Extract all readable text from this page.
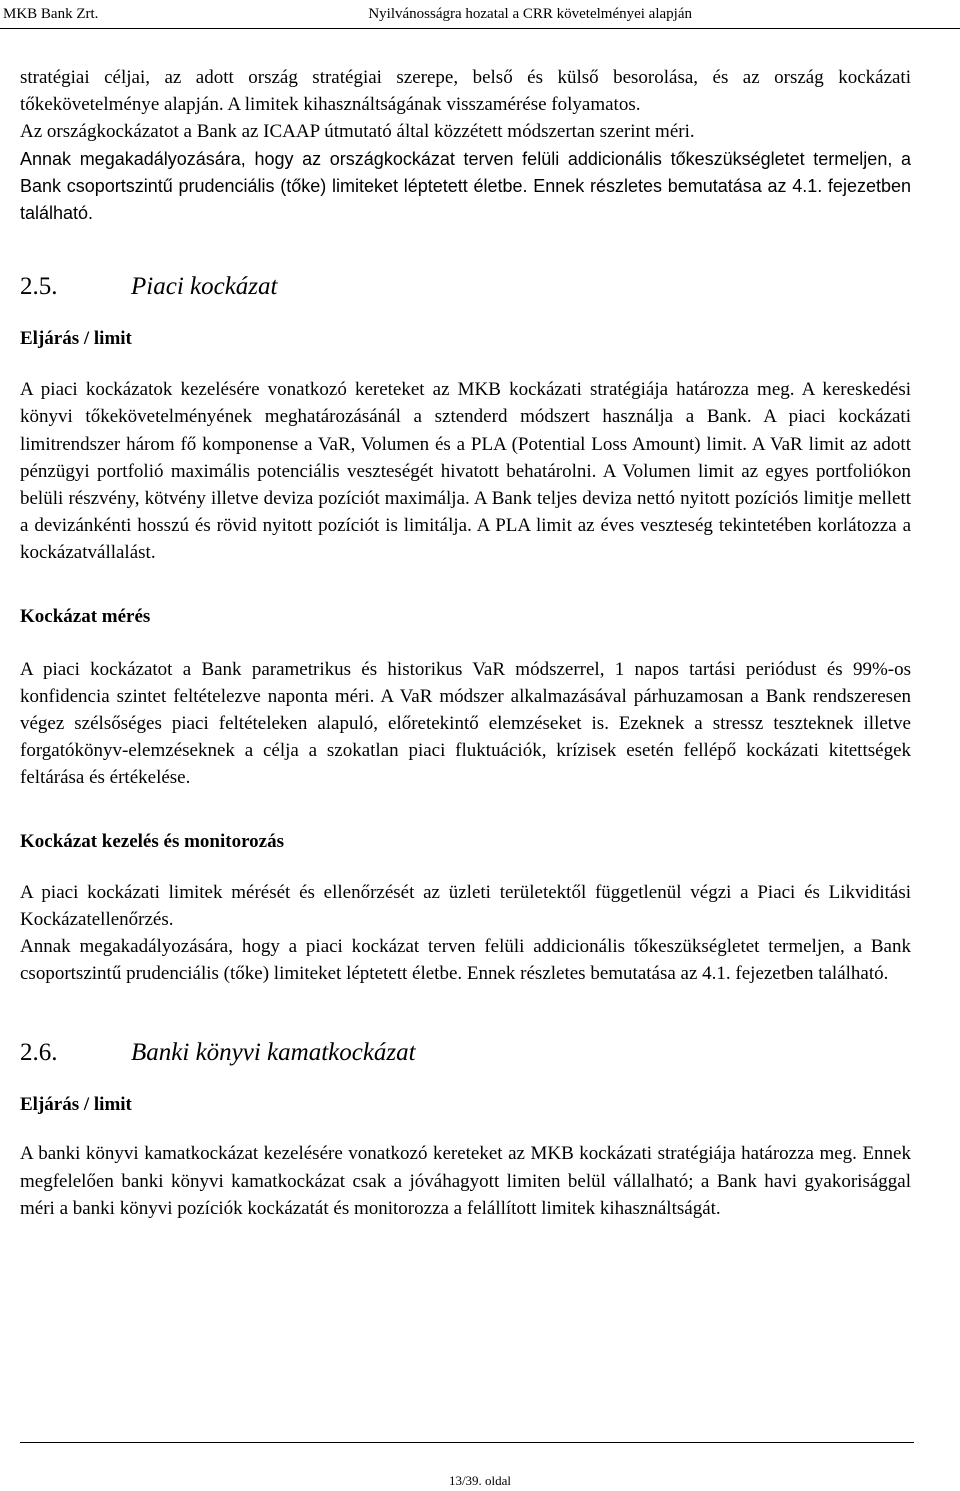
MKB Bank Zrt.	Nyilvánosságra hozatal a CRR követelményei alapján

stratégiai céljai, az adott ország stratégiai szerepe, belső és külső besorolása, és az ország kockázati tőkekövetelménye alapján. A limitek kihasználtságának visszamérése folyamatos.

Az országkockázatot a Bank az ICAAP útmutató által közzétett módszertan szerint méri.

Annak megakadályozására, hogy az országkockázat terven felüli addicionális tőkeszükségletet termeljen, a Bank csoportszintű prudenciális (tőke) limiteket léptetett életbe. Ennek részletes bemutatása az 4.1. fejezetben található.

2.5.	Piaci kockázat
Eljárás / limit

A piaci kockázatok kezelésére vonatkozó kereteket az MKB kockázati stratégiája határozza meg. A kereskedési könyvi tőkekövetelményének meghatározásánál a sztenderd módszert használja a Bank. A piaci kockázati limitrendszer három fő komponense a VaR, Volumen és a PLA (Potential Loss Amount) limit. A VaR limit az adott pénzügyi portfolió maximális potenciális veszteségét hivatott behatárolni. A Volumen limit az egyes portfoliókon belüli részvény, kötvény illetve deviza pozíciót maximálja. A Bank teljes deviza nettó nyitott pozíciós limitje mellett a devizánkénti hosszú és rövid nyitott pozíciót is limitálja. A PLA limit az éves veszteség tekintetében korlátozza a kockázatvállalást.

Kockázat mérés

A piaci kockázatot a Bank parametrikus és historikus VaR módszerrel, 1 napos tartási periódust és 99%-os konfidencia szintet feltételezve naponta méri. A VaR módszer alkalmazásával párhuzamosan a Bank rendszeresen végez szélsőséges piaci feltételeken alapuló, előretekintő elemzéseket is. Ezeknek a stressz teszteknek illetve forgatókönyv-elemzéseknek a célja a szokatlan piaci fluktuációk, krízisek esetén fellépő kockázati kitettségek feltárása és értékelése.

Kockázat kezelés és monitorozás

A piaci kockázati limitek mérését és ellenőrzését az üzleti területektől függetlenül végzi a Piaci és Likviditási Kockázatellenőrzés.

Annak megakadályozására, hogy a piaci kockázat terven felüli addicionális tőkeszükségletet termeljen, a Bank csoportszintű prudenciális (tőke) limiteket léptetett életbe. Ennek részletes bemutatása az 4.1. fejezetben található.

2.6.	Banki könyvi kamatkockázat
Eljárás / limit

A banki könyvi kamatkockázat kezelésére vonatkozó kereteket az MKB kockázati stratégiája határozza meg. Ennek megfelelően banki könyvi kamatkockázat csak a jóváhagyott limiten belül vállalható; a Bank havi gyakorisággal méri a banki könyvi pozíciók kockázatát és monitorozza a felállított limitek kihasználtságát.

13/39. oldal
